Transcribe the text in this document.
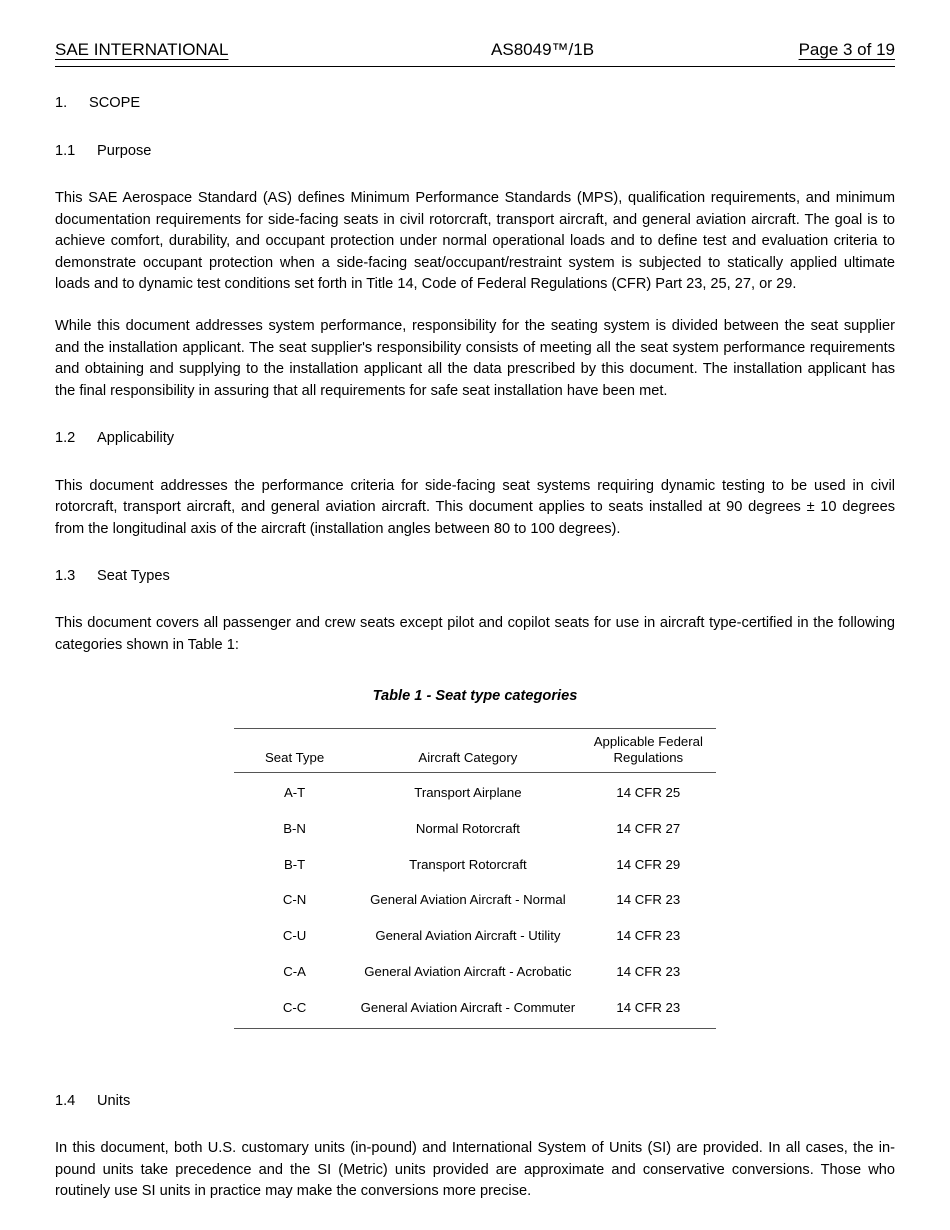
SAE INTERNATIONAL	AS8049™/1B	Page 3 of 19
1.	SCOPE
1.1	Purpose

This SAE Aerospace Standard (AS) defines Minimum Performance Standards (MPS), qualification requirements, and minimum documentation requirements for side-facing seats in civil rotorcraft, transport aircraft, and general aviation aircraft. The goal is to achieve comfort, durability, and occupant protection under normal operational loads and to define test and evaluation criteria to demonstrate occupant protection when a side-facing seat/occupant/restraint system is subjected to statically applied ultimate loads and to dynamic test conditions set forth in Title 14, Code of Federal Regulations (CFR) Part 23, 25, 27, or 29.

While this document addresses system performance, responsibility for the seating system is divided between the seat supplier and the installation applicant. The seat supplier's responsibility consists of meeting all the seat system performance requirements and obtaining and supplying to the installation applicant all the data prescribed by this document. The installation applicant has the final responsibility in assuring that all requirements for safe seat installation have been met.

1.2	Applicability

This document addresses the performance criteria for side-facing seat systems requiring dynamic testing to be used in civil rotorcraft, transport aircraft, and general aviation aircraft. This document applies to seats installed at 90 degrees ± 10 degrees from the longitudinal axis of the aircraft (installation angles between 80 to 100 degrees).

1.3	Seat Types

This document covers all passenger and crew seats except pilot and copilot seats for use in aircraft type-certified in the following categories shown in Table 1:

Table 1 - Seat type categories

Seat Type	Aircraft Category	Applicable Federal
Regulations
A-T	Transport Airplane	14 CFR 25
B-N	Normal Rotorcraft	14 CFR 27
B-T	Transport Rotorcraft	14 CFR 29
C-N	General Aviation Aircraft - Normal	14 CFR 23
C-U	General Aviation Aircraft - Utility	14 CFR 23
C-A	General Aviation Aircraft - Acrobatic	14 CFR 23
C-C	General Aviation Aircraft - Commuter	14 CFR 23
1.4	Units

In this document, both U.S. customary units (in-pound) and International System of Units (SI) are provided. In all cases, the in-pound units take precedence and the SI (Metric) units provided are approximate and conservative conversions. Those who routinely use SI units in practice may make the conversions more precise.
